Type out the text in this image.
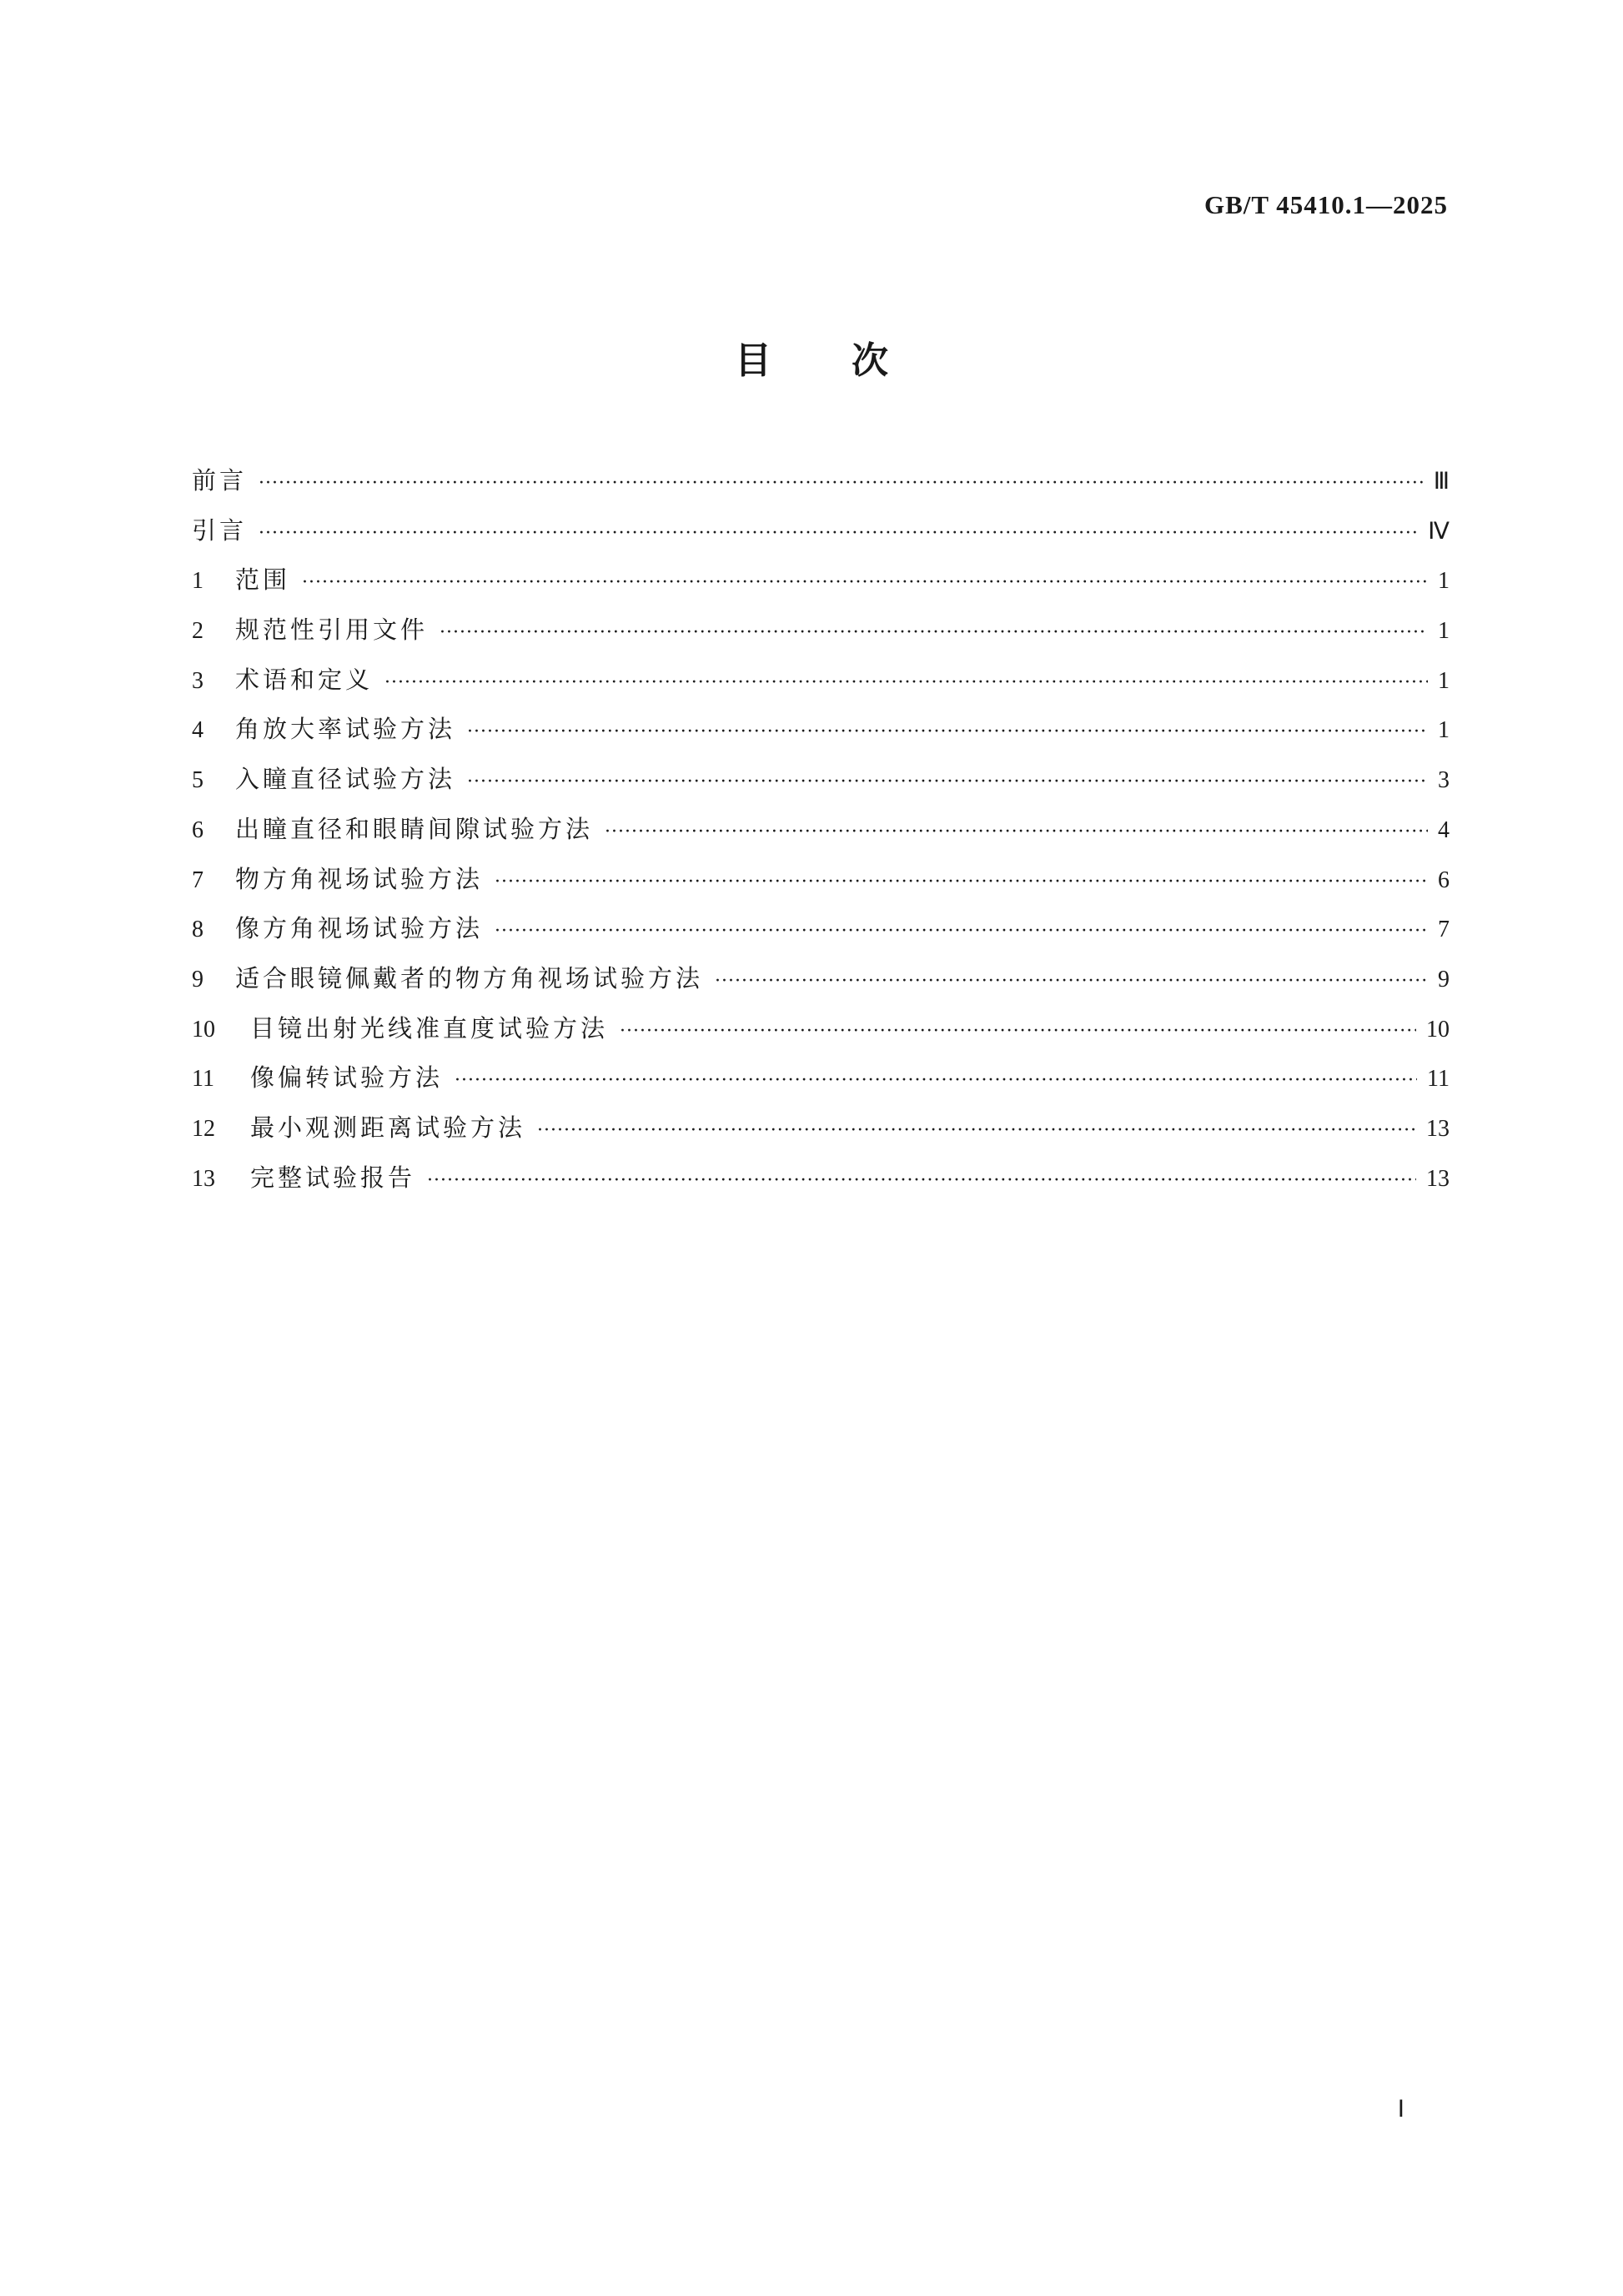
GB/T 45410.1—2025
目次
前言 ·····	Ⅲ
引言 ·····	Ⅳ
1	范围 ·····	1
2	规范性引用文件 ·····	1
3	术语和定义 ·····	1
4	角放大率试验方法 ·····	1
5	入瞳直径试验方法 ·····	3
6	出瞳直径和眼睛间隙试验方法 ·····	4
7	物方角视场试验方法 ·····	6
8	像方角视场试验方法 ·····	7
9	适合眼镜佩戴者的物方角视场试验方法 ·····	9
10	目镜出射光线准直度试验方法 ·····	10
11	像偏转试验方法 ·····	11
12	最小观测距离试验方法 ·····	13
13	完整试验报告 ·····	13
Ⅰ
